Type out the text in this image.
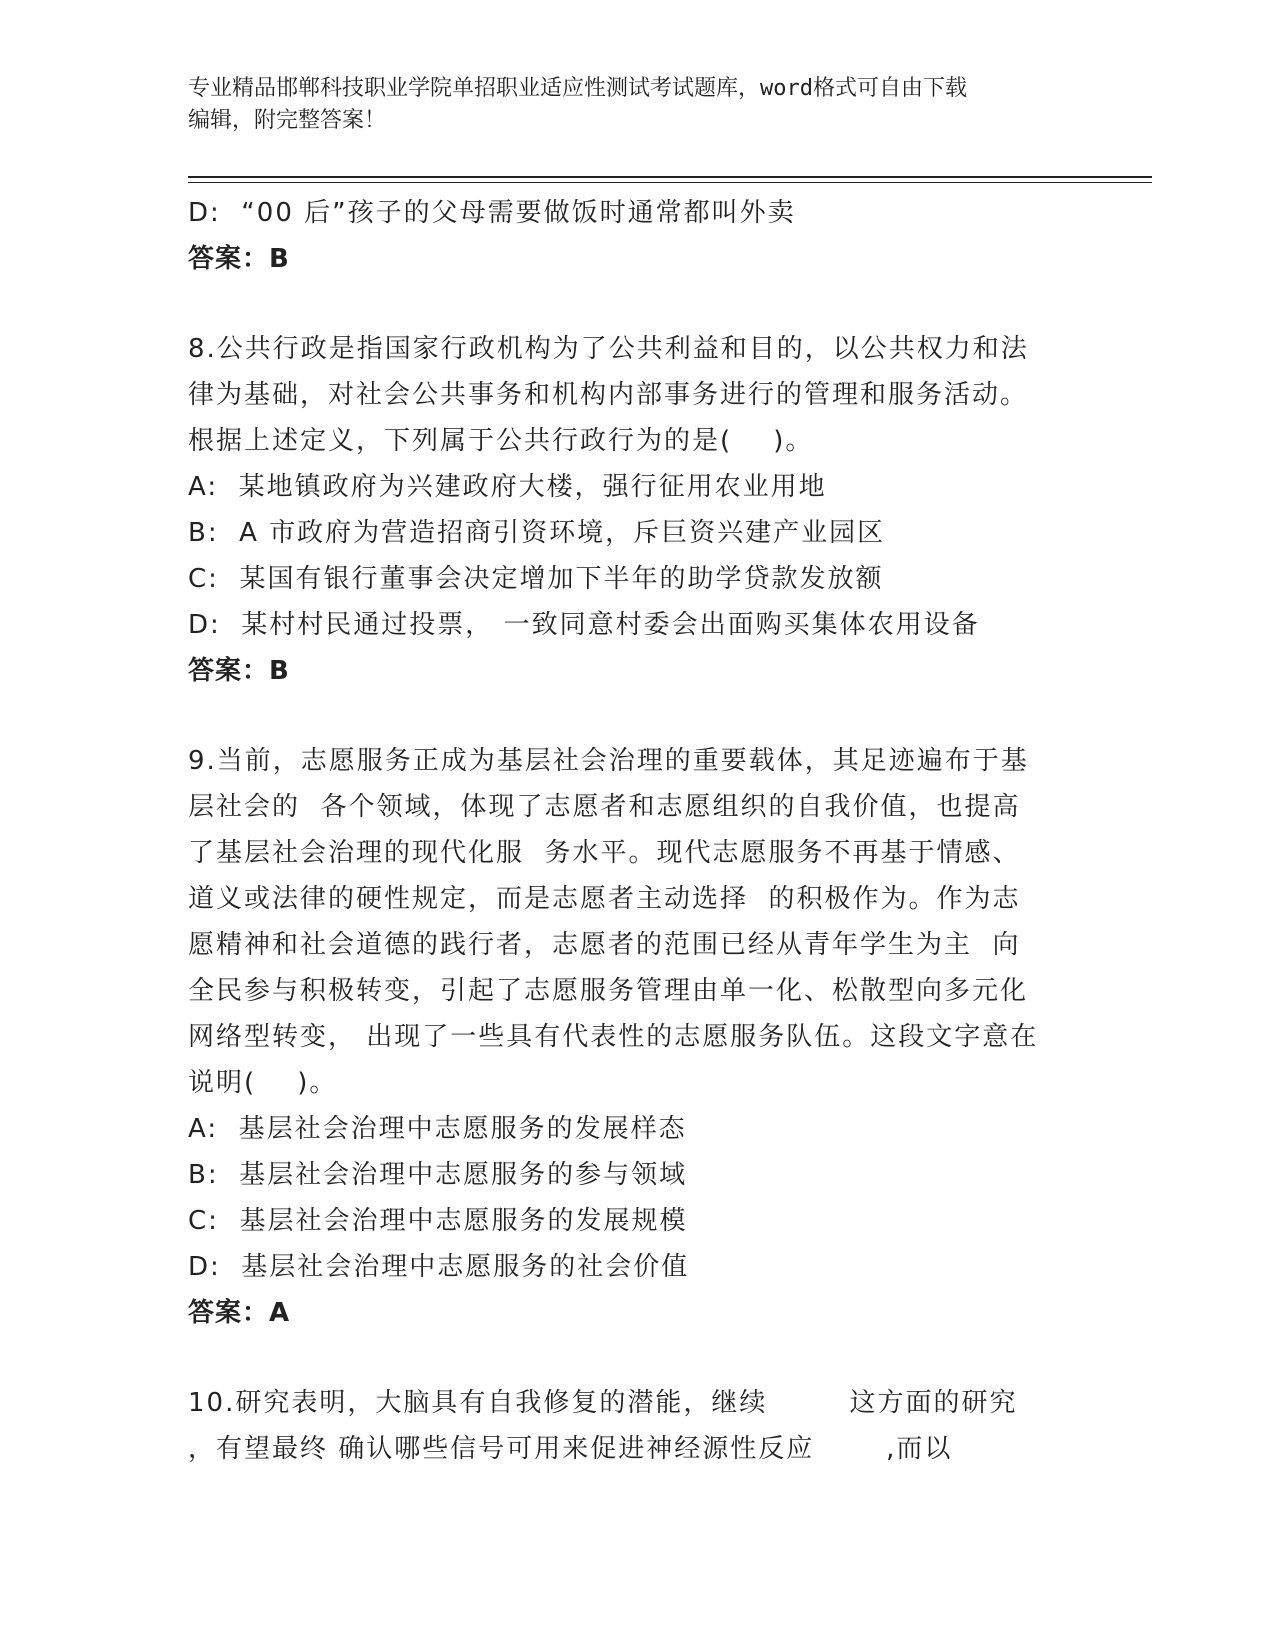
专业精品邯郸科技职业学院单招职业适应性测试考试题库，word格式可自由下载
编辑，附完整答案！
D:  “00 后”孩子的父母需要做饭时通常都叫外卖
答案：B
8.公共行政是指国家行政机构为了公共利益和目的，以公共权力和法
律为基础，对社会公共事务和机构内部事务进行的管理和服务活动。
根据上述定义，下列属于公共行政行为的是(    )。
A:  某地镇政府为兴建政府大楼，强行征用农业用地
B:  A 市政府为营造招商引资环境，斥巨资兴建产业园区
C:  某国有银行董事会决定增加下半年的助学贷款发放额
D:  某村村民通过投票， 一致同意村委会出面购买集体农用设备
答案：B
9.当前，志愿服务正成为基层社会治理的重要载体，其足迹遍布于基
层社会的  各个领域，体现了志愿者和志愿组织的自我价值，也提高
了基层社会治理的现代化服  务水平。现代志愿服务不再基于情感、
道义或法律的硬性规定，而是志愿者主动选择  的积极作为。作为志
愿精神和社会道德的践行者，志愿者的范围已经从青年学生为主  向
全民参与积极转变，引起了志愿服务管理由单一化、松散型向多元化
网络型转变， 出现了一些具有代表性的志愿服务队伍。这段文字意在
说明(    )。
A:  基层社会治理中志愿服务的发展样态
B:  基层社会治理中志愿服务的参与领域
C:  基层社会治理中志愿服务的发展规模
D:  基层社会治理中志愿服务的社会价值
答案：A
10.研究表明，大脑具有自我修复的潜能，继续        这方面的研究
，有望最终 确认哪些信号可用来促进神经源性反应       ,而以
